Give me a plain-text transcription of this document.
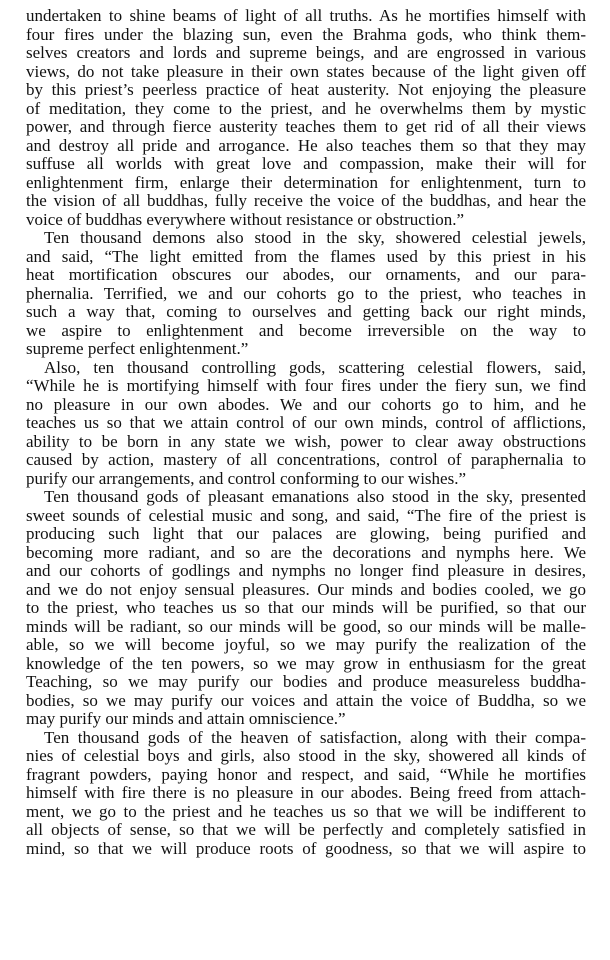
undertaken to shine beams of light of all truths. As he mortifies himself with
four fires under the blazing sun, even the Brahma gods, who think them-
selves creators and lords and supreme beings, and are engrossed in various
views, do not take pleasure in their own states because of the light given off
by this priest’s peerless practice of heat austerity. Not enjoying the pleasure
of meditation, they come to the priest, and he overwhelms them by mystic
power, and through fierce austerity teaches them to get rid of all their views
and destroy all pride and arrogance. He also teaches them so that they may
suffuse all worlds with great love and compassion, make their will for
enlightenment firm, enlarge their determination for enlightenment, turn to
the vision of all buddhas, fully receive the voice of the buddhas, and hear the
voice of buddhas everywhere without resistance or obstruction.”
Ten thousand demons also stood in the sky, showered celestial jewels,
and said, “The light emitted from the flames used by this priest in his
heat mortification obscures our abodes, our ornaments, and our para-
phernalia. Terrified, we and our cohorts go to the priest, who teaches in
such a way that, coming to ourselves and getting back our right minds,
we aspire to enlightenment and become irreversible on the way to
supreme perfect enlightenment.”
Also, ten thousand controlling gods, scattering celestial flowers, said,
“While he is mortifying himself with four fires under the fiery sun, we find
no pleasure in our own abodes. We and our cohorts go to him, and he
teaches us so that we attain control of our own minds, control of afflictions,
ability to be born in any state we wish, power to clear away obstructions
caused by action, mastery of all concentrations, control of paraphernalia to
purify our arrangements, and control conforming to our wishes.”
Ten thousand gods of pleasant emanations also stood in the sky, presented
sweet sounds of celestial music and song, and said, “The fire of the priest is
producing such light that our palaces are glowing, being purified and
becoming more radiant, and so are the decorations and nymphs here. We
and our cohorts of godlings and nymphs no longer find pleasure in desires,
and we do not enjoy sensual pleasures. Our minds and bodies cooled, we go
to the priest, who teaches us so that our minds will be purified, so that our
minds will be radiant, so our minds will be good, so our minds will be malle-
able, so we will become joyful, so we may purify the realization of the
knowledge of the ten powers, so we may grow in enthusiasm for the great
Teaching, so we may purify our bodies and produce measureless buddha-
bodies, so we may purify our voices and attain the voice of Buddha, so we
may purify our minds and attain omniscience.”
Ten thousand gods of the heaven of satisfaction, along with their compa-
nies of celestial boys and girls, also stood in the sky, showered all kinds of
fragrant powders, paying honor and respect, and said, “While he mortifies
himself with fire there is no pleasure in our abodes. Being freed from attach-
ment, we go to the priest and he teaches us so that we will be indifferent to
all objects of sense, so that we will be perfectly and completely satisfied in
mind, so that we will produce roots of goodness, so that we will aspire to
